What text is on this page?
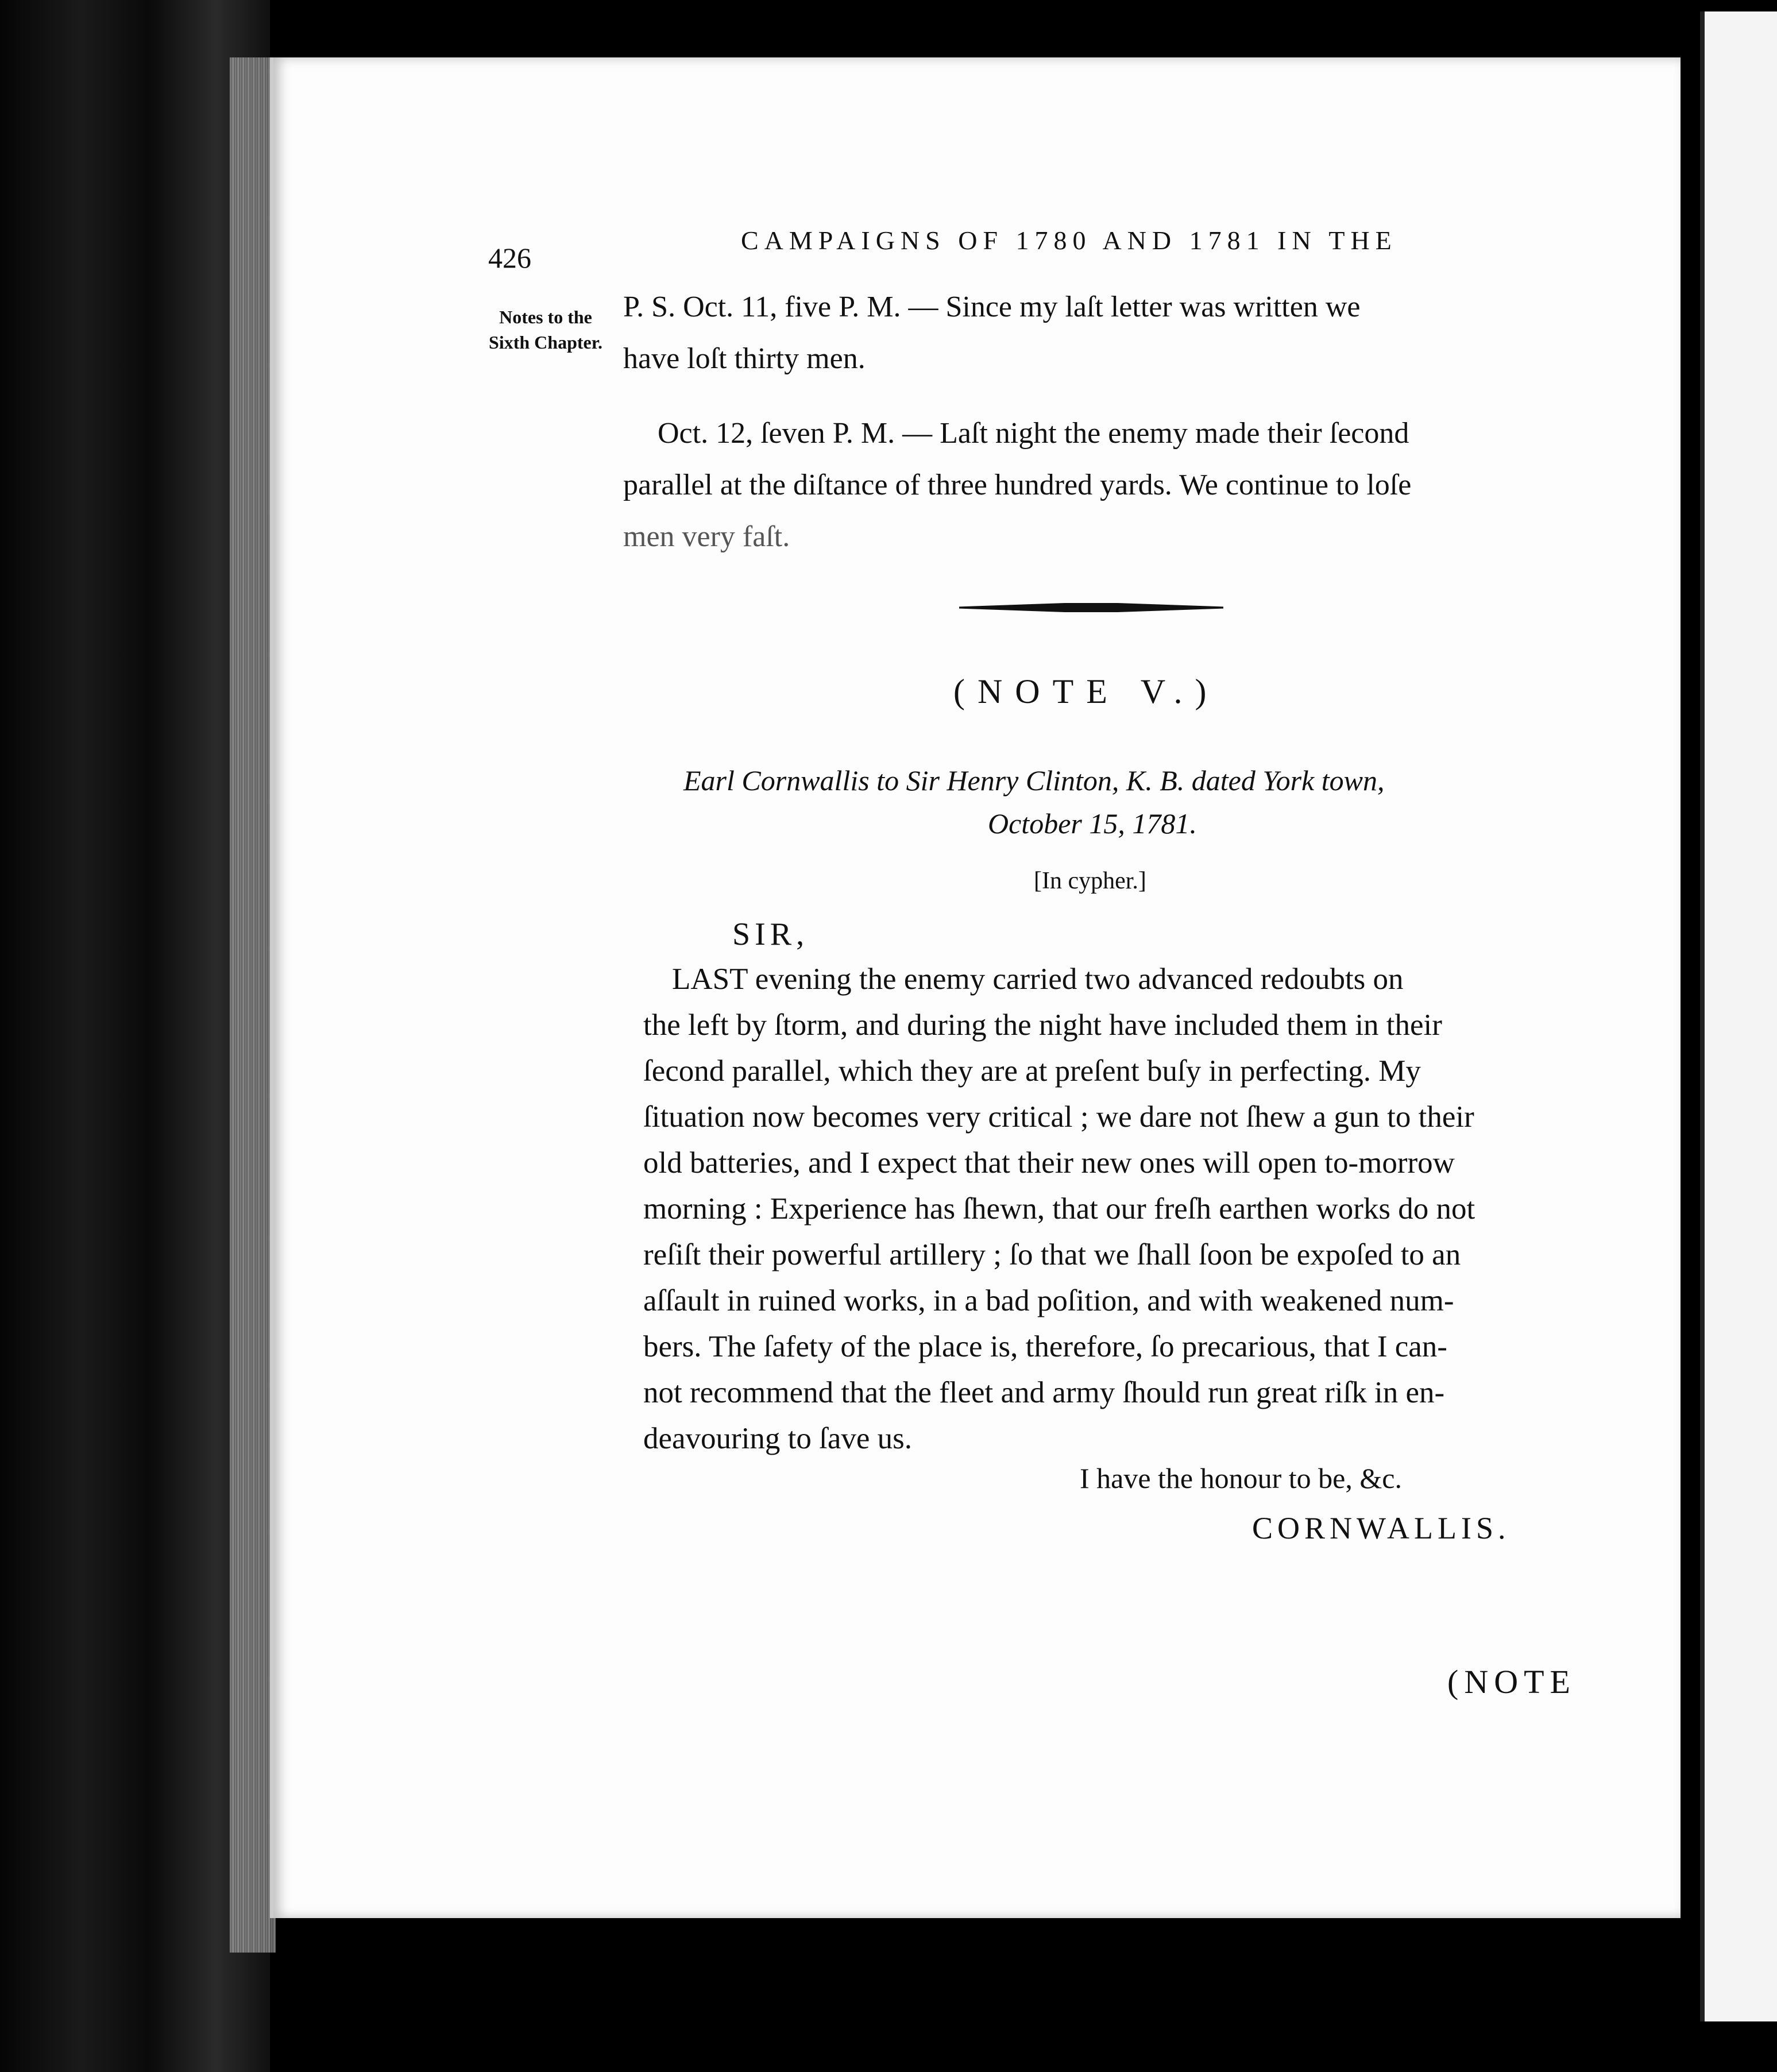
426
CAMPAIGNS OF 1780 AND 1781 IN THE
Notes to the Sixth Chapter.
P. S. Oct. 11, five P. M. — Since my laſt letter was written we
have loſt thirty men.
Oct. 12, ſeven P. M. — Laſt night the enemy made their ſecond
parallel at the diſtance of three hundred yards. We continue to loſe
men very faſt.
(NOTE V.)
Earl Cornwallis to Sir Henry Clinton, K. B. dated York town,
October 15, 1781.
[In cypher.]
SIR,
LAST evening the enemy carried two advanced redoubts on
the left by ſtorm, and during the night have included them in their
ſecond parallel, which they are at preſent buſy in perfecting. My
ſituation now becomes very critical ; we dare not ſhew a gun to their
old batteries, and I expect that their new ones will open to-morrow
morning : Experience has ſhewn, that our freſh earthen works do not
reſiſt their powerful artillery ; ſo that we ſhall ſoon be expoſed to an
aſſault in ruined works, in a bad poſition, and with weakened num-
bers. The ſafety of the place is, therefore, ſo precarious, that I can-
not recommend that the fleet and army ſhould run great riſk in en-
deavouring to ſave us.
I have the honour to be, &c.
CORNWALLIS.
(NOTE
